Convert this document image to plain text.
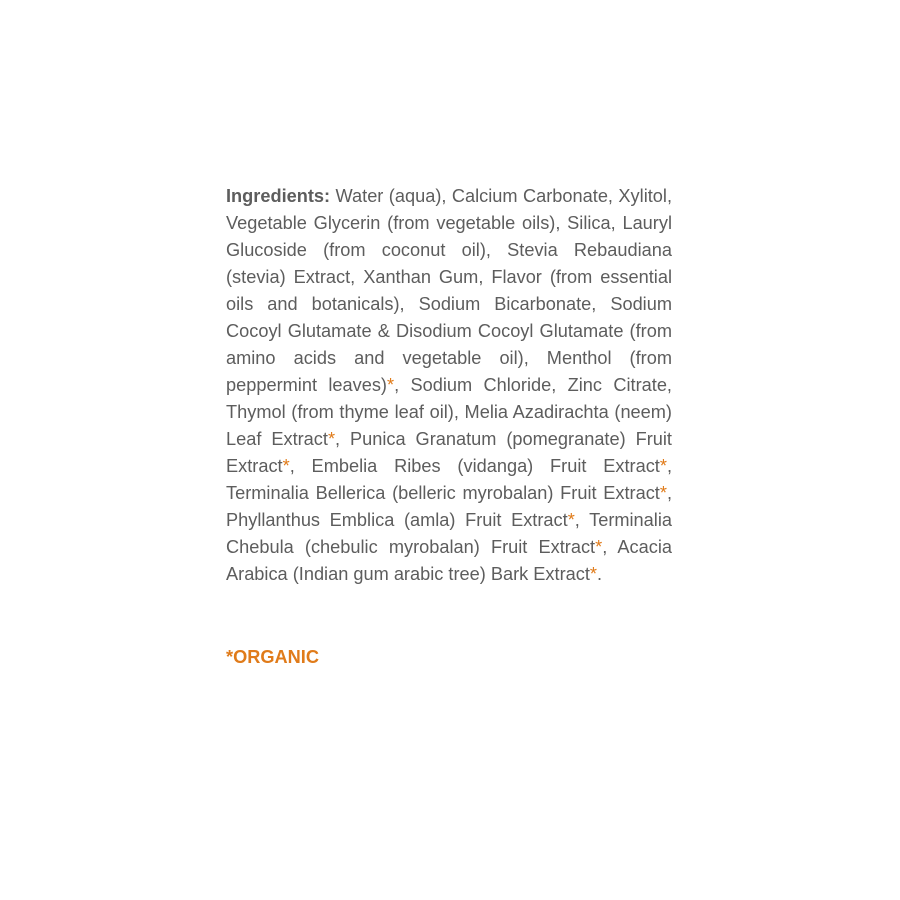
Ingredients: Water (aqua), Calcium Carbonate, Xylitol, Vegetable Glycerin (from vegetable oils), Silica, Lauryl Glucoside (from coconut oil), Stevia Rebaudiana (stevia) Extract, Xanthan Gum, Flavor (from essential oils and botanicals), Sodium Bicarbonate, Sodium Cocoyl Glutamate & Disodium Cocoyl Glutamate (from amino acids and vegetable oil), Menthol (from peppermint leaves)*, Sodium Chloride, Zinc Citrate, Thymol (from thyme leaf oil), Melia Azadirachta (neem) Leaf Extract*, Punica Granatum (pomegranate) Fruit Extract*, Embelia Ribes (vidanga) Fruit Extract*, Terminalia Bellerica (belleric myrobalan) Fruit Extract*, Phyllanthus Emblica (amla) Fruit Extract*, Terminalia Chebula (chebulic myrobalan) Fruit Extract*, Acacia Arabica (Indian gum arabic tree) Bark Extract*.
*ORGANIC
